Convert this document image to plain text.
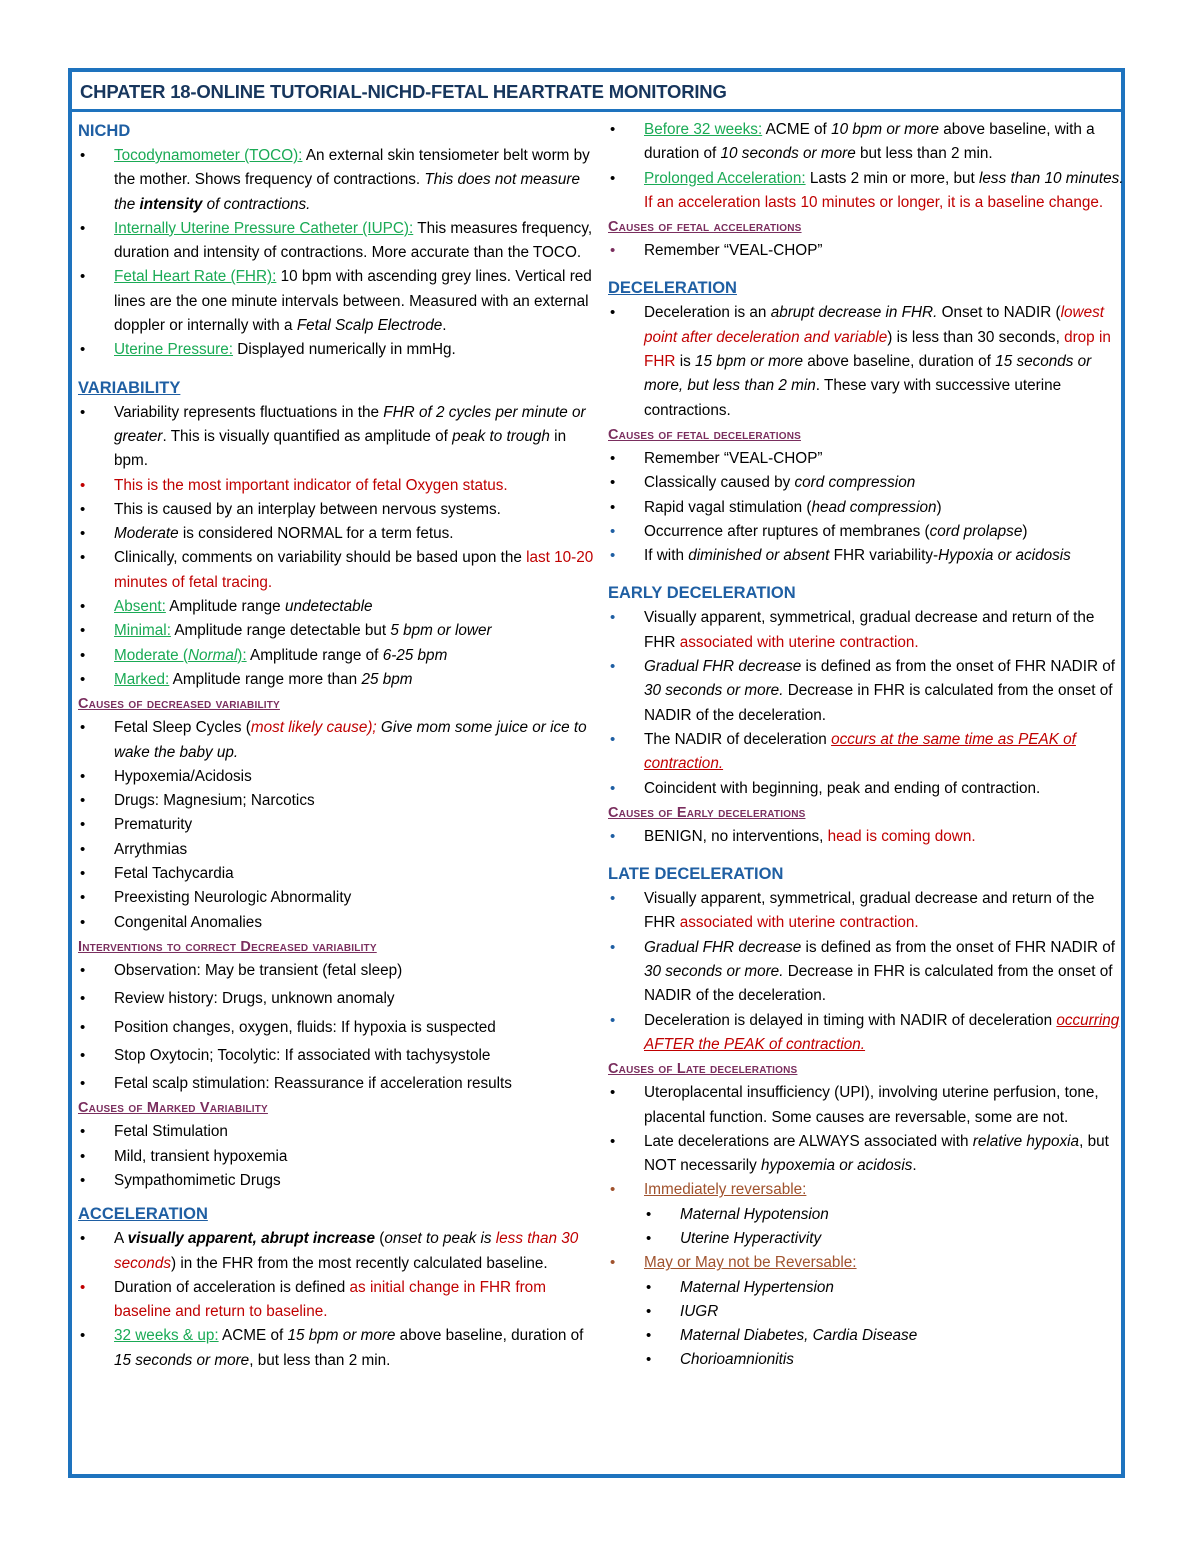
CHPATER 18-ONLINE TUTORIAL-NICHD-FETAL HEARTRATE MONITORING
NICHD
• Tocodynamometer (TOCO): An external skin tensiometer belt worm by the mother. Shows frequency of contractions. This does not measure the intensity of contractions.
• Internally Uterine Pressure Catheter (IUPC): This measures frequency, duration and intensity of contractions. More accurate than the TOCO.
• Fetal Heart Rate (FHR): 10 bpm with ascending grey lines. Vertical red lines are the one minute intervals between. Measured with an external doppler or internally with a Fetal Scalp Electrode.
• Uterine Pressure: Displayed numerically in mmHg.
VARIABILITY
• Variability represents fluctuations in the FHR of 2 cycles per minute or greater. This is visually quantified as amplitude of peak to trough in bpm.
• This is the most important indicator of fetal Oxygen status.
• This is caused by an interplay between nervous systems.
• Moderate is considered NORMAL for a term fetus.
• Clinically, comments on variability should be based upon the last 10-20 minutes of fetal tracing.
• Absent: Amplitude range undetectable
• Minimal: Amplitude range detectable but 5 bpm or lower
• Moderate (Normal): Amplitude range of 6-25 bpm
• Marked: Amplitude range more than 25 bpm
Causes of decreased variability
• Fetal Sleep Cycles (most likely cause); Give mom some juice or ice to wake the baby up.
• Hypoxemia/Acidosis
• Drugs: Magnesium; Narcotics
• Prematurity
• Arrythmias
• Fetal Tachycardia
• Preexisting Neurologic Abnormality
• Congenital Anomalies
Interventions to correct Decreased variability
• Observation: May be transient (fetal sleep)
• Review history: Drugs, unknown anomaly
• Position changes, oxygen, fluids: If hypoxia is suspected
• Stop Oxytocin; Tocolytic: If associated with tachysystole
• Fetal scalp stimulation: Reassurance if acceleration results
Causes of Marked Variability
• Fetal Stimulation
• Mild, transient hypoxemia
• Sympathomimetic Drugs
ACCELERATION
• A visually apparent, abrupt increase (onset to peak is less than 30 seconds) in the FHR from the most recently calculated baseline.
• Duration of acceleration is defined as initial change in FHR from baseline and return to baseline.
• 32 weeks & up: ACME of 15 bpm or more above baseline, duration of 15 seconds or more, but less than 2 min.
• Before 32 weeks: ACME of 10 bpm or more above baseline, with a duration of 10 seconds or more but less than 2 min.
• Prolonged Acceleration: Lasts 2 min or more, but less than 10 minutes. If an acceleration lasts 10 minutes or longer, it is a baseline change.
Causes of fetal accelerations
• Remember “VEAL-CHOP”
DECELERATION
• Deceleration is an abrupt decrease in FHR. Onset to NADIR (lowest point after deceleration and variable) is less than 30 seconds, drop in FHR is 15 bpm or more above baseline, duration of 15 seconds or more, but less than 2 min. These vary with successive uterine contractions.
Causes of fetal decelerations
• Remember “VEAL-CHOP”
• Classically caused by cord compression
• Rapid vagal stimulation (head compression)
• Occurrence after ruptures of membranes (cord prolapse)
• If with diminished or absent FHR variability-Hypoxia or acidosis
EARLY DECELERATION
• Visually apparent, symmetrical, gradual decrease and return of the FHR associated with uterine contraction.
• Gradual FHR decrease is defined as from the onset of FHR NADIR of 30 seconds or more. Decrease in FHR is calculated from the onset of NADIR of the deceleration.
• The NADIR of deceleration occurs at the same time as PEAK of contraction.
• Coincident with beginning, peak and ending of contraction.
Causes of Early decelerations
• BENIGN, no interventions, head is coming down.
LATE DECELERATION
• Visually apparent, symmetrical, gradual decrease and return of the FHR associated with uterine contraction.
• Gradual FHR decrease is defined as from the onset of FHR NADIR of 30 seconds or more. Decrease in FHR is calculated from the onset of NADIR of the deceleration.
• Deceleration is delayed in timing with NADIR of deceleration occurring AFTER the PEAK of contraction.
Causes of Late decelerations
• Uteroplacental insufficiency (UPI), involving uterine perfusion, tone, placental function. Some causes are reversable, some are not.
• Late decelerations are ALWAYS associated with relative hypoxia, but NOT necessarily hypoxemia or acidosis.
• Immediately reversable:
• Maternal Hypotension
• Uterine Hyperactivity
• May or May not be Reversable:
• Maternal Hypertension
• IUGR
• Maternal Diabetes, Cardia Disease
• Chorioamnionitis
